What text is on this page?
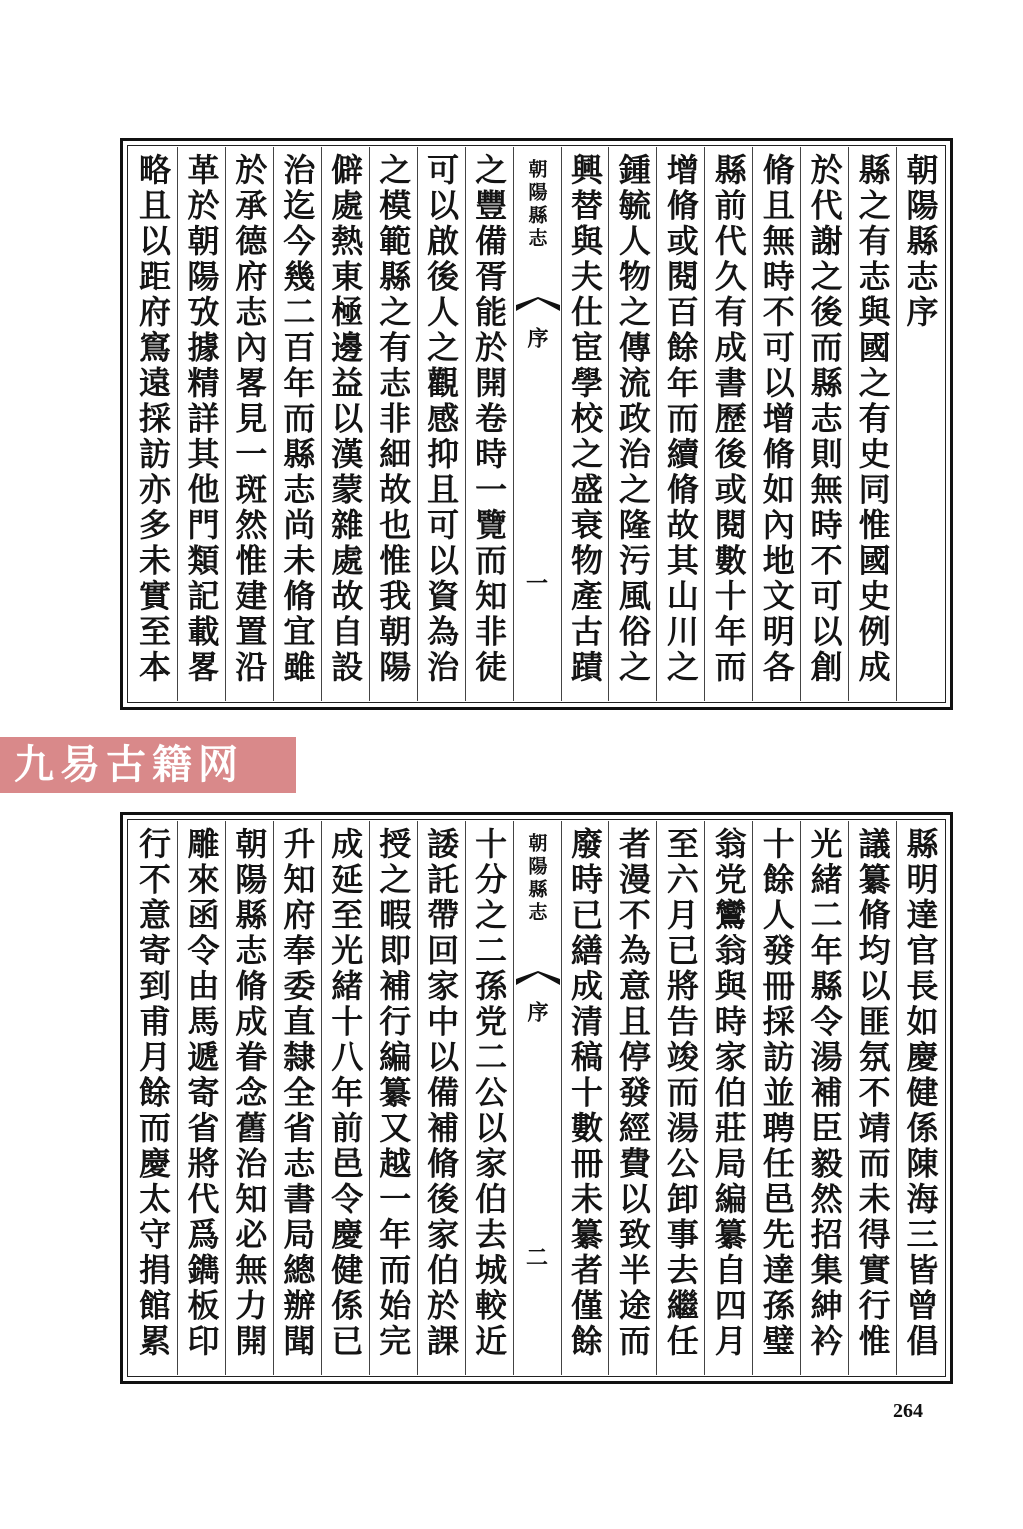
朝陽縣志序
縣之有志與國之有史同惟國史例成
於代謝之後而縣志則無時不可以創
脩且無時不可以增脩如內地文明各
縣前代久有成書歷後或閱數十年而
增脩或閱百餘年而續脩故其山川之
鍾毓人物之傳流政治之隆污風俗之
興替與夫仕宦學校之盛衰物產古蹟
朝陽縣志
序
一
之豐備胥能於開卷時一覽而知非徒
可以啟後人之觀感抑且可以資為治
之模範縣之有志非細故也惟我朝陽
僻處熱東極邊益以漢蒙雜處故自設
治迄今幾二百年而縣志尚未脩宜雖
於承德府志內畧見一斑然惟建置沿
革於朝陽攷據精詳其他門類記載畧
略且以距府窵遠採訪亦多未實至本
九易古籍网
縣明達官長如慶健係陳海三皆曾倡
議纂脩均以匪氛不靖而未得實行惟
光緒二年縣令湯補臣毅然招集紳衿
十餘人發冊採訪並聘任邑先達孫璧
翁党鸞翁與時家伯莊局編纂自四月
至六月已將告竣而湯公卸事去繼任
者漫不為意且停發經費以致半途而
廢時已繕成清稿十數冊未纂者僅餘
朝陽縣志
序
二
十分之二孫党二公以家伯去城較近
諉託帶回家中以備補脩後家伯於課
授之暇即補行編纂又越一年而始完
成延至光緒十八年前邑令慶健係已
升知府奉委直隸全省志書局總辦聞
朝陽縣志脩成眷念舊治知必無力開
雕來函令由馬遞寄省將代爲鐫板印
行不意寄到甫月餘而慶太守捐館累
264
